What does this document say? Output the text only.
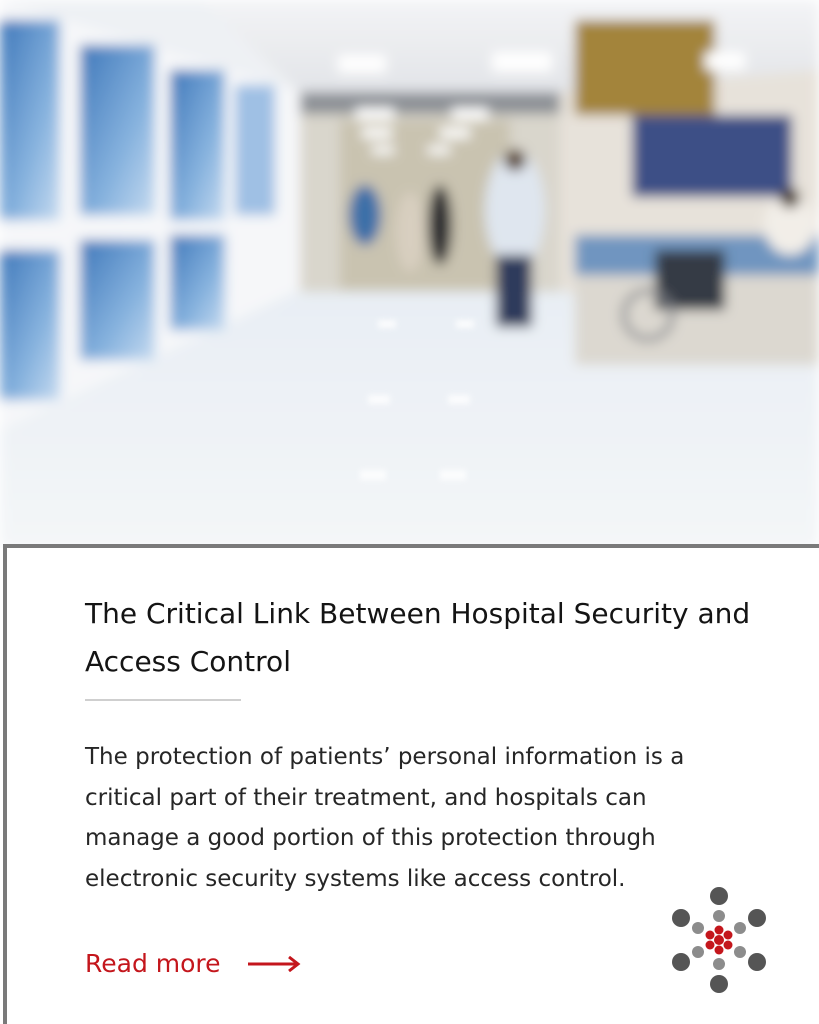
The Critical Link Between Hospital Security and Access Control

The protection of patients’ personal information is a critical part of their treatment, and hospitals can manage a good portion of this protection through electronic security systems like access control.

Read more
